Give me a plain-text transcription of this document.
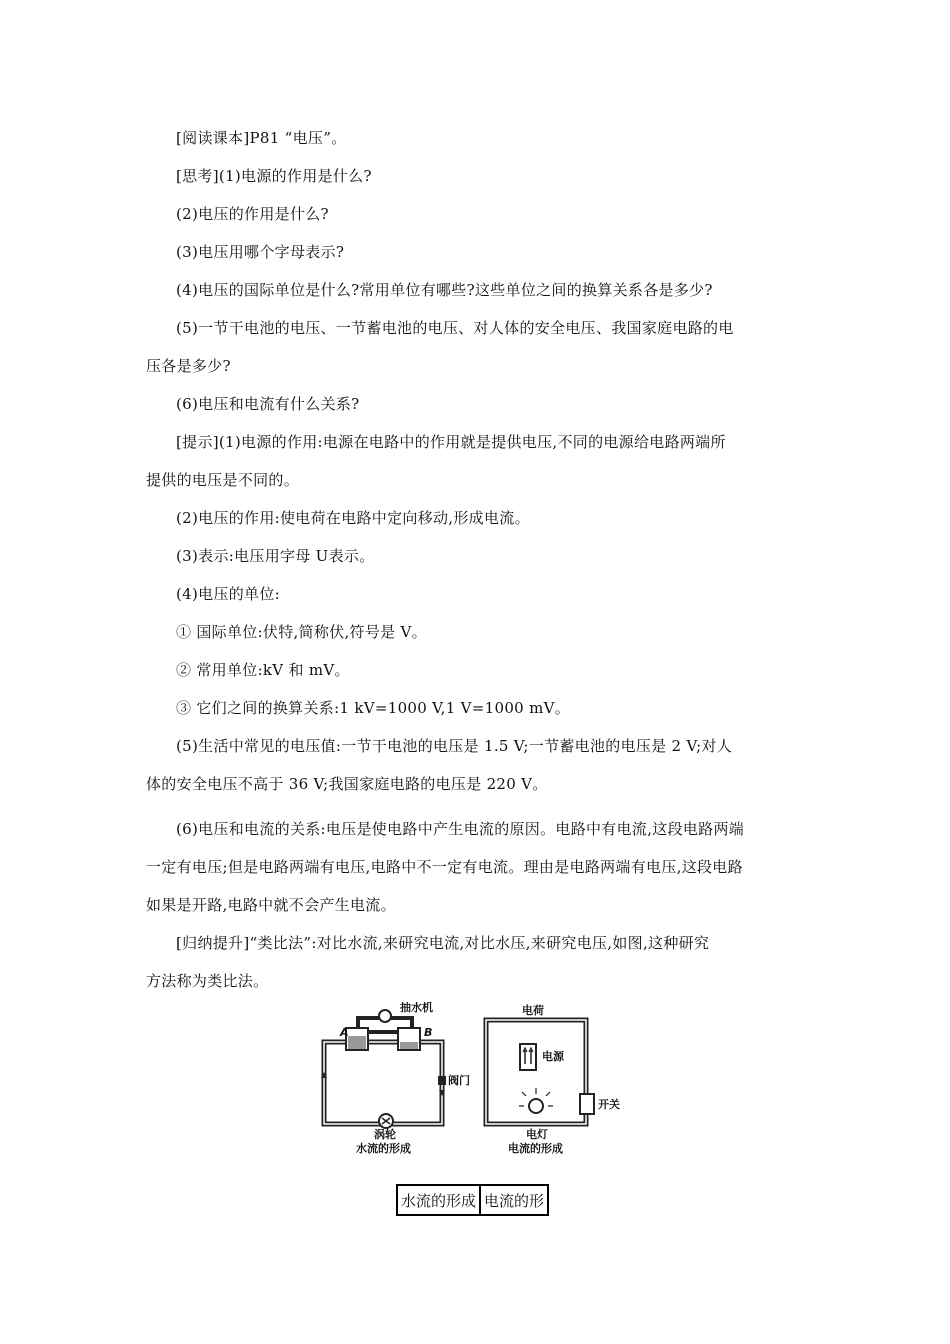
[阅读课本]P81 “电压”。
[思考](1)电源的作用是什么?
(2)电压的作用是什么?
(3)电压用哪个字母表示?
(4)电压的国际单位是什么?常用单位有哪些?这些单位之间的换算关系各是多少?
(5)一节干电池的电压、一节蓄电池的电压、对人体的安全电压、我国家庭电路的电
压各是多少?
(6)电压和电流有什么关系?
[提示](1)电源的作用:电源在电路中的作用就是提供电压,不同的电源给电路两端所
提供的电压是不同的。
(2)电压的作用:使电荷在电路中定向移动,形成电流。
(3)表示:电压用字母 U表示。
(4)电压的单位:
① 国际单位:伏特,简称伏,符号是 V。
② 常用单位:kV 和 mV。
③ 它们之间的换算关系:1 kV=1000 V,1 V=1000 mV。
(5)生活中常见的电压值:一节干电池的电压是 1.5 V;一节蓄电池的电压是 2 V;对人
体的安全电压不高于 36 V;我国家庭电路的电压是 220 V。
(6)电压和电流的关系:电压是使电路中产生电流的原因。电路中有电流,这段电路两端
一定有电压;但是电路两端有电压,电路中不一定有电流。理由是电路两端有电压,这段电路
如果是开路,电路中就不会产生电流。
[归纳提升]“类比法”:对比水流,来研究电流,对比水压,来研究电压,如图,这种研究
方法称为类比法。
抽水机
A	B
阀门
涡轮
水流的形成
电荷
电源
开关
电灯
电流的形成
水流的形成	电流的形
